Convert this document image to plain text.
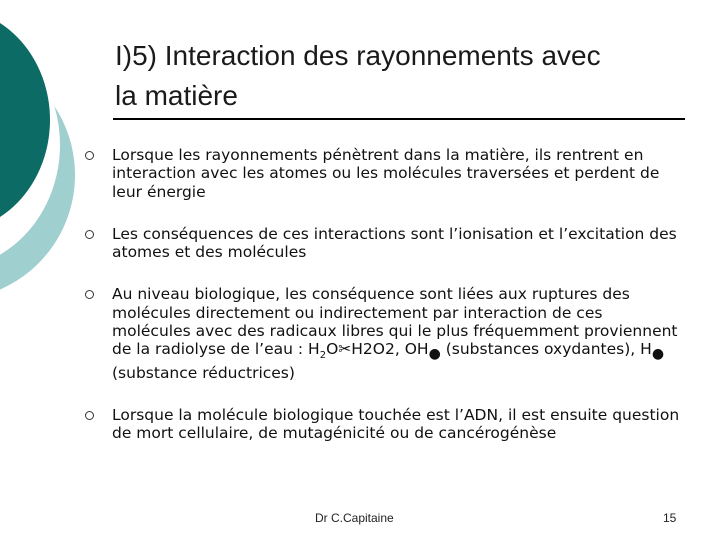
I)5) Interaction des rayonnements avec
la matière
Lorsque les rayonnements pénètrent dans la matière, ils rentrent en interaction avec les atomes ou les molécules traversées et perdent de leur énergie
Les conséquences de ces interactions sont l’ionisation et l’excitation des atomes et des molécules
Au niveau biologique, les conséquence sont liées aux ruptures des molécules directement ou indirectement par interaction de ces molécules avec des radicaux libres qui le plus fréquemment proviennent de la radiolyse de l’eau : $H_2O✂H2O2$, OH● (substances oxydantes), H● (substance réductrices)
Lorsque la molécule biologique touchée est l’ADN, il est ensuite question de mort cellulaire, de mutagénicité ou de cancérogénèse
Dr C.Capitaine	15
